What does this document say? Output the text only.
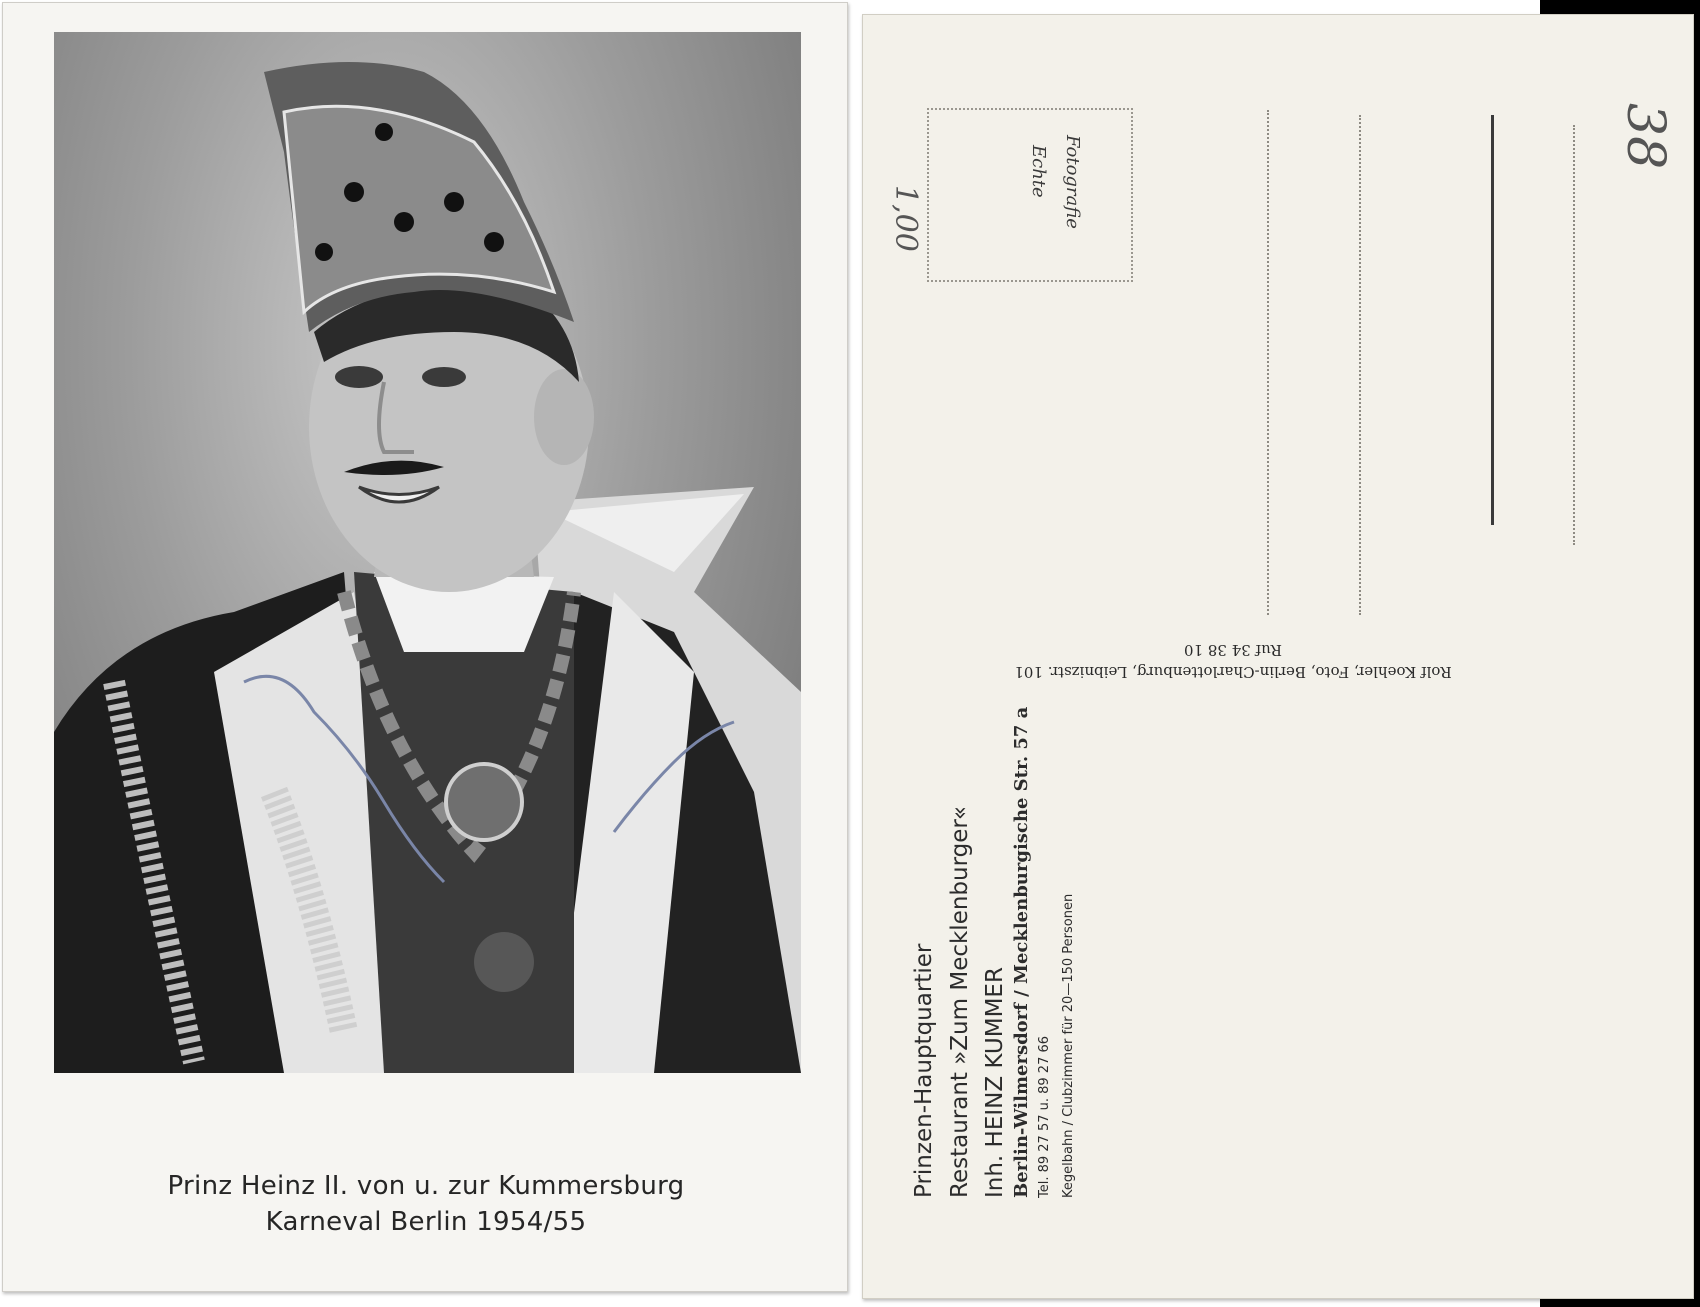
Prinz Heinz II. von u. zur Kummersburg
Karneval Berlin 1954/55
Echte Fotografie
1,00
38
Rolf Koehler, Foto, Berlin-Charlottenburg, Leibnizstr. 101
Ruf 34 38 10
Prinzen-Hauptquartier Restaurant »Zum Mecklenburger« Inh. HEINZ KUMMER Berlin-Wilmersdorf / Mecklenburgische Str. 57 a Tel. 89 27 57 u. 89 27 66 Kegelbahn / Clubzimmer für 20—150 Personen
